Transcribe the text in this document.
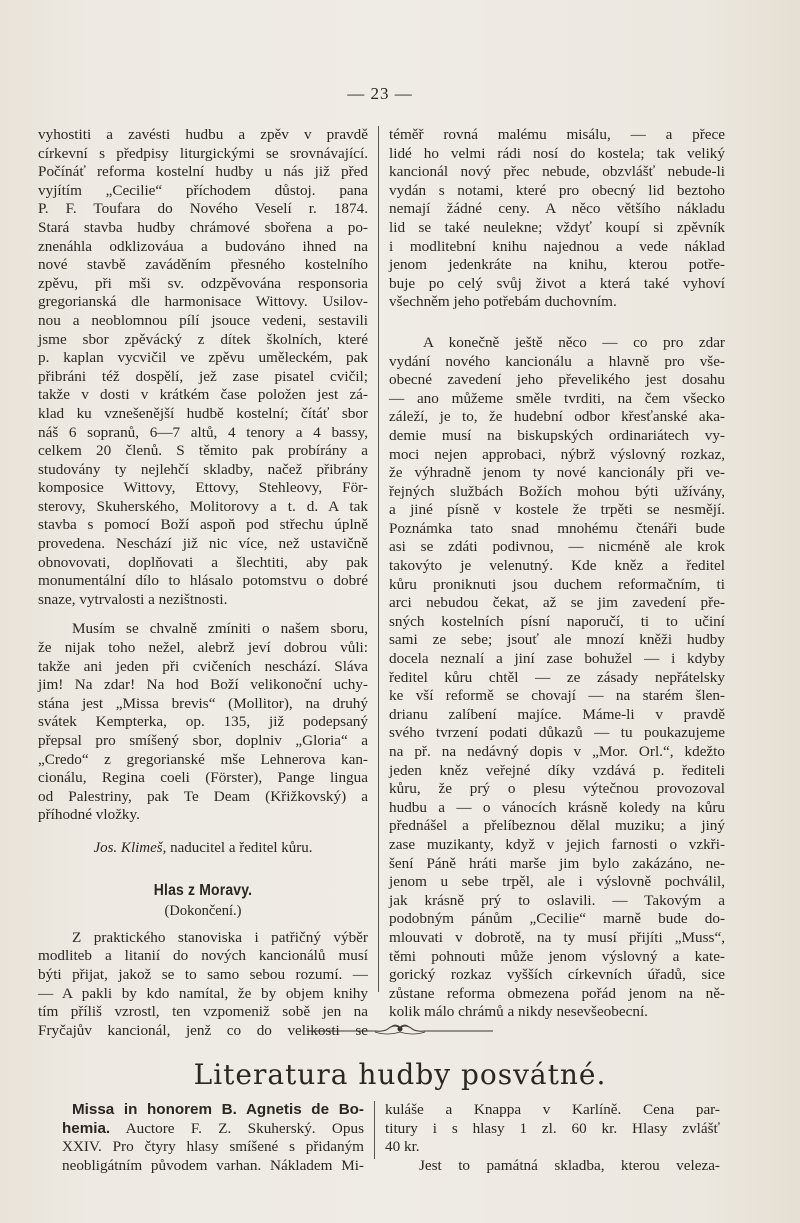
— 23 —
vyhostiti a zavésti hudbu a zpěv v pravdě
církevní s předpisy liturgickými se srovnávající.
Počínáť reforma kostelní hudby u nás již před
vyjítím „Cecilie“ příchodem důstoj. pana
P. F. Toufara do Nového Veselí r. 1874.
Stará stavba hudby chrámové sbořena a po-
znenáhla odklizováua a budováno ihned na
nové stavbě zaváděním přesného kostelního
zpěvu, při mši sv. odzpěvována responsoria
gregorianská dle harmonisace Wittovy. Usilov-
nou a neoblomnou pílí jsouce vedeni, sestavili
jsme sbor zpěvácký z dítek školních, které
p. kaplan vycvičil ve zpěvu uměleckém, pak
přibráni též dospělí, jež zase pisatel cvičil;
takže v dosti v krátkém čase položen jest zá-
klad ku vznešenější hudbě kostelní; čítáť sbor
náš 6 sopranů, 6—7 altů, 4 tenory a 4 bassy,
celkem 20 členů. S těmito pak probírány a
studovány ty nejlehčí skladby, načež přibrány
komposice Wittovy, Ettovy, Stehleovy, För-
sterovy, Skuherského, Molitorovy a t. d. A tak
stavba s pomocí Boží aspoň pod střechu úplně
provedena. Neschází již nic více, než ustavičně
obnovovati, doplňovati a šlechtiti, aby pak
monumentální dílo to hlásalo potomstvu o dobré
snaze, vytrvalosti a nezištnosti.
Musím se chvalně zmíniti o našem sboru,
že nijak toho nežel, alebrž jeví dobrou vůli:
takže ani jeden při cvičeních neschází. Sláva
jim! Na zdar! Na hod Boží velikonoční uchy-
stána jest „Missa brevis“ (Mollitor), na druhý
svátek Kempterka, op. 135, již podepsaný
přepsal pro smíšený sbor, doplniv „Gloria“ a
„Credo“ z gregorianské mše Lehnerova kan-
cionálu, Regina coeli (Förster), Pange lingua
od Palestriny, pak Te Deam (Křižkovský) a
příhodné vložky.
Jos. Klimeš, naducitel a ředitel kůru.
Hlas z Moravy.
(Dokončení.)
Z praktického stanoviska i patřičný výběr
modliteb a litanií do nových kancionálů musí
býti přijat, jakož se to samo sebou rozumí. —
— A pakli by kdo namítal, že by objem knihy
tím příliš vzrostl, ten vzpomeniž sobě jen na
Fryčajův kancionál, jenž co do velikosti se
téměř rovná malému misálu, — a přece
lidé ho velmi rádi nosí do kostela; tak veliký
kancionál nový přec nebude, obzvlášť nebude-li
vydán s notami, které pro obecný lid beztoho
nemají žádné ceny. A něco většího nákladu
lid se také neulekne; vždyť koupí si zpěvník
i modlitební knihu najednou a vede náklad
jenom jedenkráte na knihu, kterou potře-
buje po celý svůj život a která také vyhoví
všechněm jeho potřebám duchovním.
A konečně ještě něco — co pro zdar
vydání nového kancionálu a hlavně pro vše-
obecné zavedení jeho převelikého jest dosahu
— ano můžeme směle tvrditi, na čem všecko
záleží, je to, že hudební odbor křesťanské aka-
demie musí na biskupských ordinariátech vy-
moci nejen approbaci, nýbrž výslovný rozkaz,
že výhradně jenom ty nové kancionály při ve-
řejných službách Božích mohou býti užívány,
a jiné písně v kostele že trpěti se nesmějí.
Poznámka tato snad mnohému čtenáři bude
asi se zdáti podivnou, — nicméně ale krok
takovýto je velenutný. Kde kněz a ředitel
kůru proniknuti jsou duchem reformačním, ti
arci nebudou čekat, až se jim zavedení pře-
sných kostelních písní naporučí, ti to učiní
sami ze sebe; jsouť ale mnozí kněži hudby
docela neznalí a jiní zase bohužel — i kdyby
ředitel kůru chtěl — ze zásady nepřátelsky
ke vší reformě se chovají — na starém šlen-
drianu zalíbení majíce. Máme-li v pravdě
svého tvrzení podati důkazů — tu poukazujeme
na př. na nedávný dopis v „Mor. Orl.“, kdežto
jeden kněz veřejné díky vzdává p. řediteli
kůru, že prý o plesu výtečnou provozoval
hudbu a — o vánocích krásně koledy na kůru
přednášel a přelíbeznou dělal muziku; a jiný
zase muzikanty, když v jejich farnosti o vzkři-
šení Páně hráti marše jim bylo zakázáno, ne-
jenom u sebe trpěl, ale i výslovně pochválil,
jak krásně prý to oslavili. — Takovým a
podobným pánům „Cecilie“ marně bude do-
mlouvati v dobrotě, na ty musí přijíti „Muss“,
těmi pohnouti může jenom výslovný a kate-
gorický rozkaz vyšších církevních úřadů, sice
zůstane reforma obmezena pořád jenom na ně-
kolik málo chrámů a nikdy nesevšeobecní.
Literatura hudby posvátné.
Missa in honorem B. Agnetis de Bo-
hemia. Auctore F. Z. Skuherský. Opus
XXIV. Pro čtyry hlasy smíšené s přidaným
neobligátním původem varhan. Nákladem Mi-
kuláše a Knappa v Karlíně. Cena par-
titury i s hlasy 1 zl. 60 kr. Hlasy zvlášť
40 kr.
Jest to památná skladba, kterou veleza-
